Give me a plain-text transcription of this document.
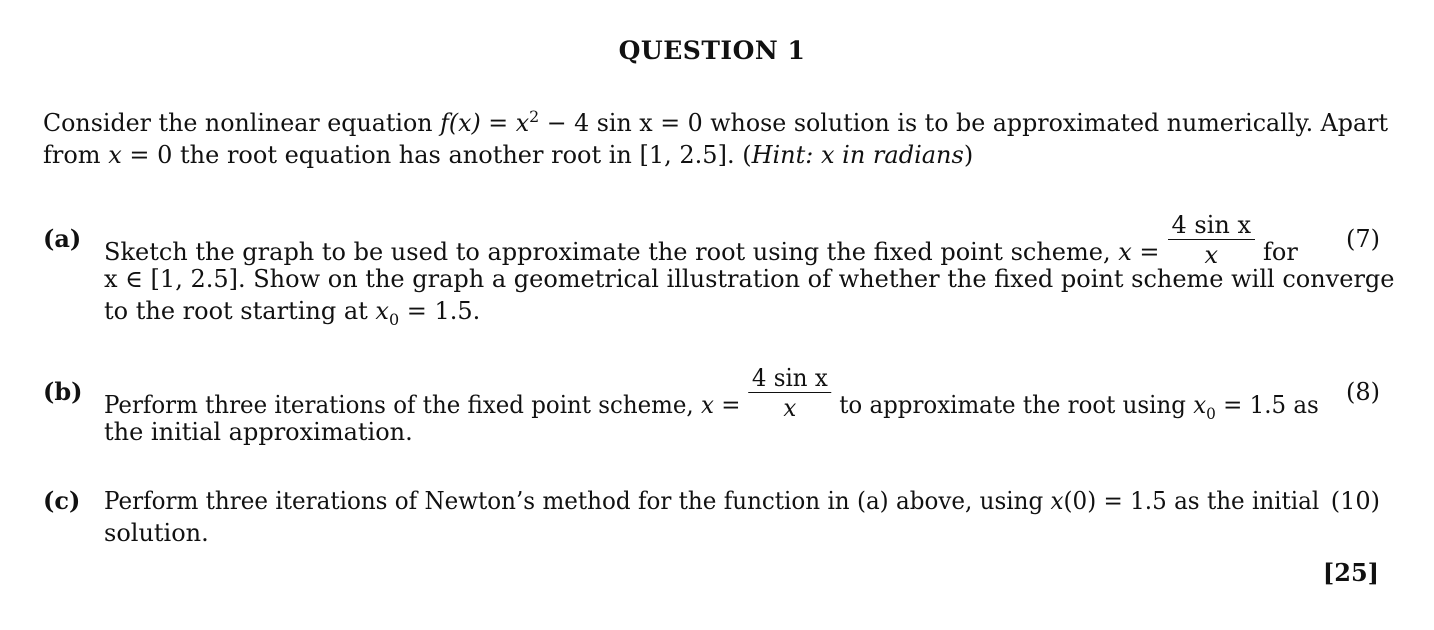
QUESTION 1
Consider the nonlinear equation $f(x) = x^2 - 4$ sin x = 0 whose solution is to be approximated numerically. Apart
from x = 0 the root equation has another root in [1, 2.5]. (Hint: x in radians)
(a) Sketch the graph to be used to approximate the root using the fixed point scheme, $x = \frac{\text{4 sin x}}{x}$ for	(7)
x ∈ [1, 2.5]. Show on the graph a geometrical illustration of whether the fixed point scheme will converge
to the root starting at $x_0 = 1.5$.
(b) Perform three iterations of the fixed point scheme, $x = \frac{\text{4 sin x}}{x}$ to approximate the root using $x_0 = 1.5$ as	(8)
the initial approximation.
(c) Perform three iterations of Newton’s method for the function in (a) above, using x(0) = 1.5 as the initial (10)
solution.
[25]
